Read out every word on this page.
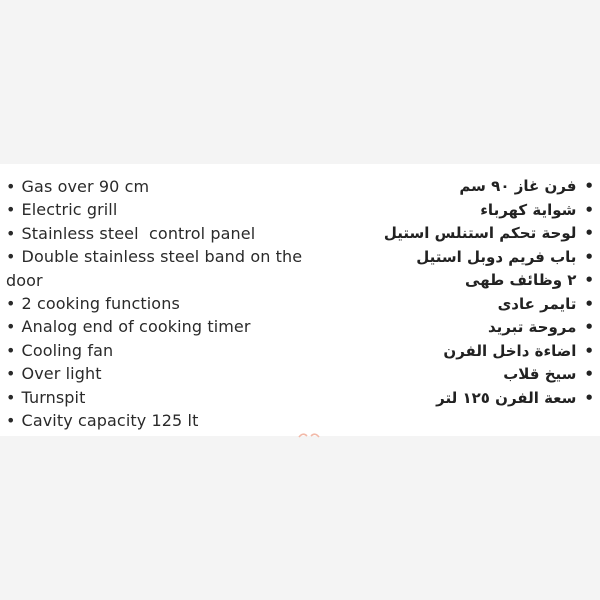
• Gas over 90 cm
• Electric grill
• Stainless steel  control panel
• Double stainless steel band on the
door
• 2 cooking functions
• Analog end of cooking timer
• Cooling fan
• Over light
• Turnspit
• Cavity capacity 125 lt
•فرن غاز ٩٠ سم
•شواية كهرباء
•لوحة تحكم استنلس استيل
•باب فريم دوبل استيل
•٢ وظائف طهى
•تايمر عادى
•مروحة تبريد
•اضاءة داخل الفرن
•سيخ قلاب
•سعة الفرن ١٢٥ لتر
